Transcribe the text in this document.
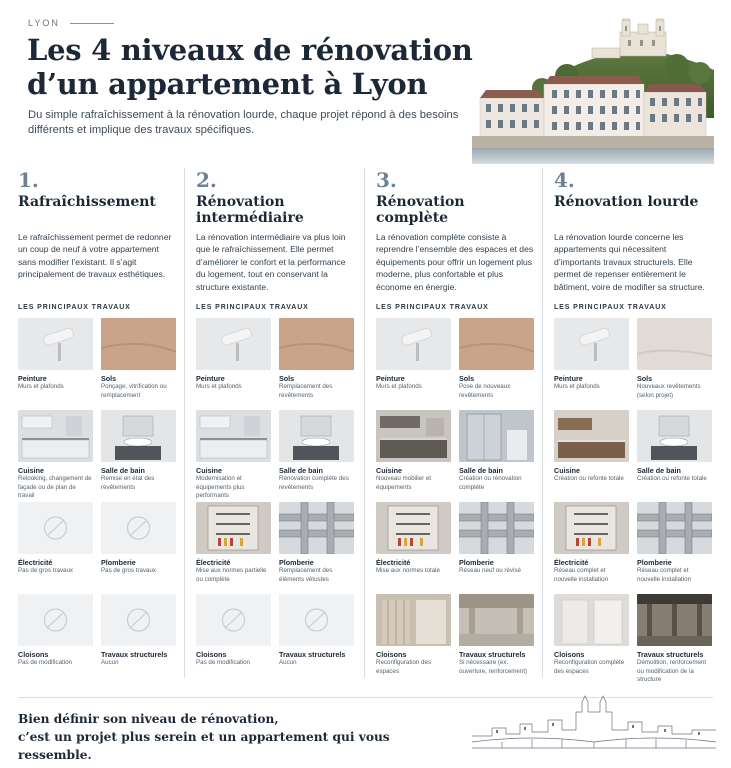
LYON
Les 4 niveaux de rénovation d’un appartement à Lyon

Du simple rafraîchissement à la rénovation lourde, chaque projet répond à des besoins différents et implique des travaux spécifiques.

1.
Rafraîchissement
Le rafraîchissement permet de redonner un coup de neuf à votre appartement sans modifier l’existant. Il s’agit principalement de travaux esthétiques.
LES PRINCIPAUX TRAVAUX
Peinture
Murs et plafonds
Sols
Ponçage, vitrification ou remplacement
Cuisine
Relooking, changement de façade ou de plan de travail
Salle de bain
Remise en état des revêtements
Électricité
Pas de gros travaux
Plomberie
Pas de gros travaux
Cloisons
Pas de modification
Travaux structurels
Aucun
2.
Rénovation intermédiaire
La rénovation intermédiaire va plus loin que le rafraîchissement. Elle permet d’améliorer le confort et la performance du logement, tout en conservant la structure existante.
LES PRINCIPAUX TRAVAUX
Peinture
Murs et plafonds
Sols
Remplacement des revêtements
Cuisine
Modernisation et équipements plus performants
Salle de bain
Rénovation complète des revêtements
Électricité
Mise aux normes partielle ou complète
Plomberie
Remplacement des éléments vétustes
Cloisons
Pas de modification
Travaux structurels
Aucun
3.
Rénovation complète
La rénovation complète consiste à reprendre l’ensemble des espaces et des équipements pour offrir un logement plus moderne, plus confortable et plus économe en énergie.
LES PRINCIPAUX TRAVAUX
Peinture
Murs et plafonds
Sols
Pose de nouveaux revêtements
Cuisine
Nouveau mobilier et équipements
Salle de bain
Création ou rénovation complète
Électricité
Mise aux normes totale
Plomberie
Réseau neuf ou révisé
Cloisons
Reconfiguration des espaces
Travaux structurels
Si nécessaire (ex. ouverture, renforcement)
4.
Rénovation lourde
La rénovation lourde concerne les appartements qui nécessitent d’importants travaux structurels. Elle permet de repenser entièrement le bâtiment, voire de modifier sa structure.
LES PRINCIPAUX TRAVAUX
Peinture
Murs et plafonds
Sols
Nouveaux revêtements (selon projet)
Cuisine
Création ou refonte totale
Salle de bain
Création ou refonte totale
Électricité
Réseau complet et nouvelle installation
Plomberie
Réseau complet et nouvelle installation
Cloisons
Reconfiguration complète des espaces
Travaux structurels
Démolition, renforcement ou modification de la structure
Bien définir son niveau de rénovation,
c’est un projet plus serein et un appartement qui vous ressemble.
